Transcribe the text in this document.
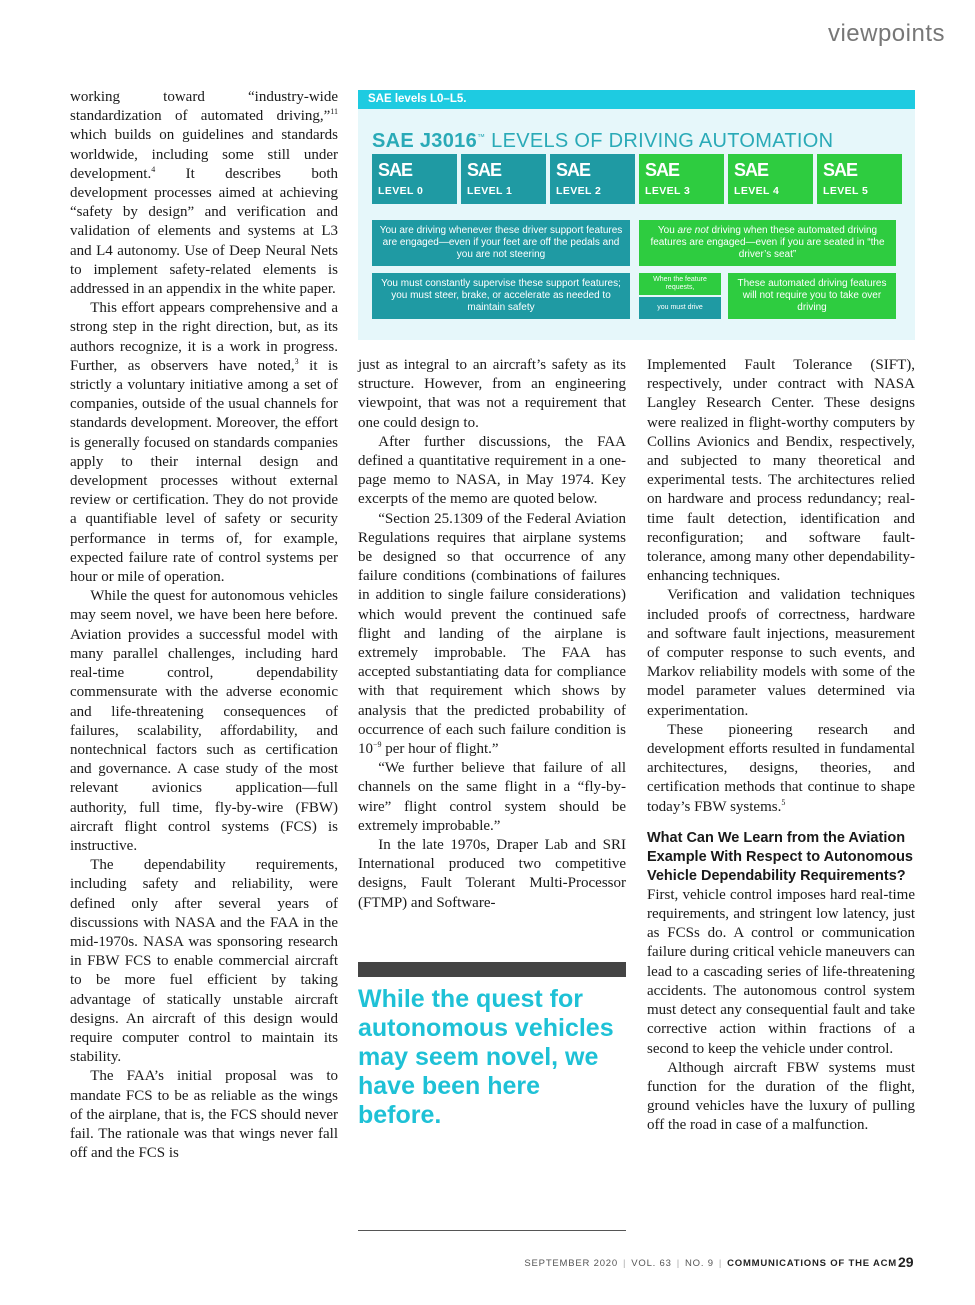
viewpoints

working toward “industry-wide standardization of automated driving,”$^{11}$ which builds on guidelines and standards worldwide, including some still under development.$^4$ It describes both development processes aimed at achieving “safety by design” and verification and validation of elements and systems at L3 and L4 autonomy. Use of Deep Neural Nets to implement safety-related elements is addressed in an appendix in the white paper.

This effort appears comprehensive and a strong step in the right direction, but, as its authors recognize, it is a work in progress. Further, as observers have noted,$^3$ it is strictly a voluntary initiative among a set of companies, outside of the usual channels for standards development. Moreover, the effort is generally focused on standards companies apply to their internal design and development processes without external review or certification. They do not provide a quantifiable level of safety or security performance in terms of, for example, expected failure rate of control systems per hour or mile of operation.

While the quest for autonomous vehicles may seem novel, we have been here before. Aviation provides a successful model with many parallel challenges, including hard real-time control, dependability commensurate with the adverse economic and life-threatening consequences of failures, scalability, affordability, and nontechnical factors such as certification and governance. A case study of the most relevant avionics application—full authority, full time, fly-by-wire (FBW) aircraft flight control systems (FCS) is instructive.

The dependability requirements, including safety and reliability, were defined only after several years of discussions with NASA and the FAA in the mid-1970s. NASA was sponsoring research in FBW FCS to enable commercial aircraft to be more fuel efficient by taking advantage of statically unstable aircraft designs. An aircraft of this design would require computer control to maintain its stability.

The FAA’s initial proposal was to mandate FCS to be as reliable as the wings of the airplane, that is, the FCS should never fail. The rationale was that wings never fall off and the FCS is

SAE levels L0–L5.
SAE J3016™ LEVELS OF DRIVING AUTOMATION
SAE
LEVEL 0
SAE
LEVEL 1
SAE
LEVEL 2
SAE
LEVEL 3
SAE
LEVEL 4
SAE
LEVEL 5
You are driving whenever these driver support features are engaged—even if your feet are off the pedals and you are not steering
You are not driving when these automated driving features are engaged—even if you are seated in “the driver’s seat”
You must constantly supervise these support features; you must steer, brake, or accelerate as needed to maintain safety
When the feature requests,
you must drive
These automated driving features will not require you to take over driving

just as integral to an aircraft’s safety as its structure. However, from an engineering viewpoint, that was not a requirement that one could design to.

After further discussions, the FAA defined a quantitative requirement in a one-page memo to NASA, in May 1974. Key excerpts of the memo are quoted below.

“Section 25.1309 of the Federal Aviation Regulations requires that airplane systems be designed so that occurrence of any failure conditions (combinations of failures in addition to single failure considerations) which would prevent the continued safe flight and landing of the airplane is extremely improbable. The FAA has accepted substantiating data for compliance with that requirement which shows by analysis that the predicted probability of occurrence of each such failure condition is $10^{-9}$ per hour of flight.”

“We further believe that failure of all channels on the same flight in a “fly-by-wire” flight control system should be extremely improbable.”

In the late 1970s, Draper Lab and SRI International produced two competitive designs, Fault Tolerant Multi-Processor (FTMP) and Software-

While the quest for autonomous vehicles may seem novel, we have been here before.

Implemented Fault Tolerance (SIFT), respectively, under contract with NASA Langley Research Center. These designs were realized in flight-worthy computers by Collins Avionics and Bendix, respectively, and subjected to many theoretical and experimental tests. The architectures relied on hardware and process redundancy; real-time fault detection, identification and reconfiguration; and software fault-tolerance, among many other dependability-enhancing techniques.

Verification and validation techniques included proofs of correctness, hardware and software fault injections, measurement of computer response to such events, and Markov reliability models with some of the model parameter values determined via experimentation.

These pioneering research and development efforts resulted in fundamental architectures, designs, theories, and certification methods that continue to shape today’s FBW systems.$^5$

What Can We Learn from the Aviation Example With Respect to Autonomous Vehicle Dependability Requirements?

First, vehicle control imposes hard real-time requirements, and stringent low latency, just as FCSs do. A control or communication failure during critical vehicle maneuvers can lead to a cascading series of life-threatening accidents. The autonomous control system must detect any consequential fault and take corrective action within fractions of a second to keep the vehicle under control.

Although aircraft FBW systems must function for the duration of the flight, ground vehicles have the luxury of pulling off the road in case of a malfunction.

SEPTEMBER 2020 | VOL. 63 | NO. 9 | COMMUNICATIONS OF THE ACM 29
